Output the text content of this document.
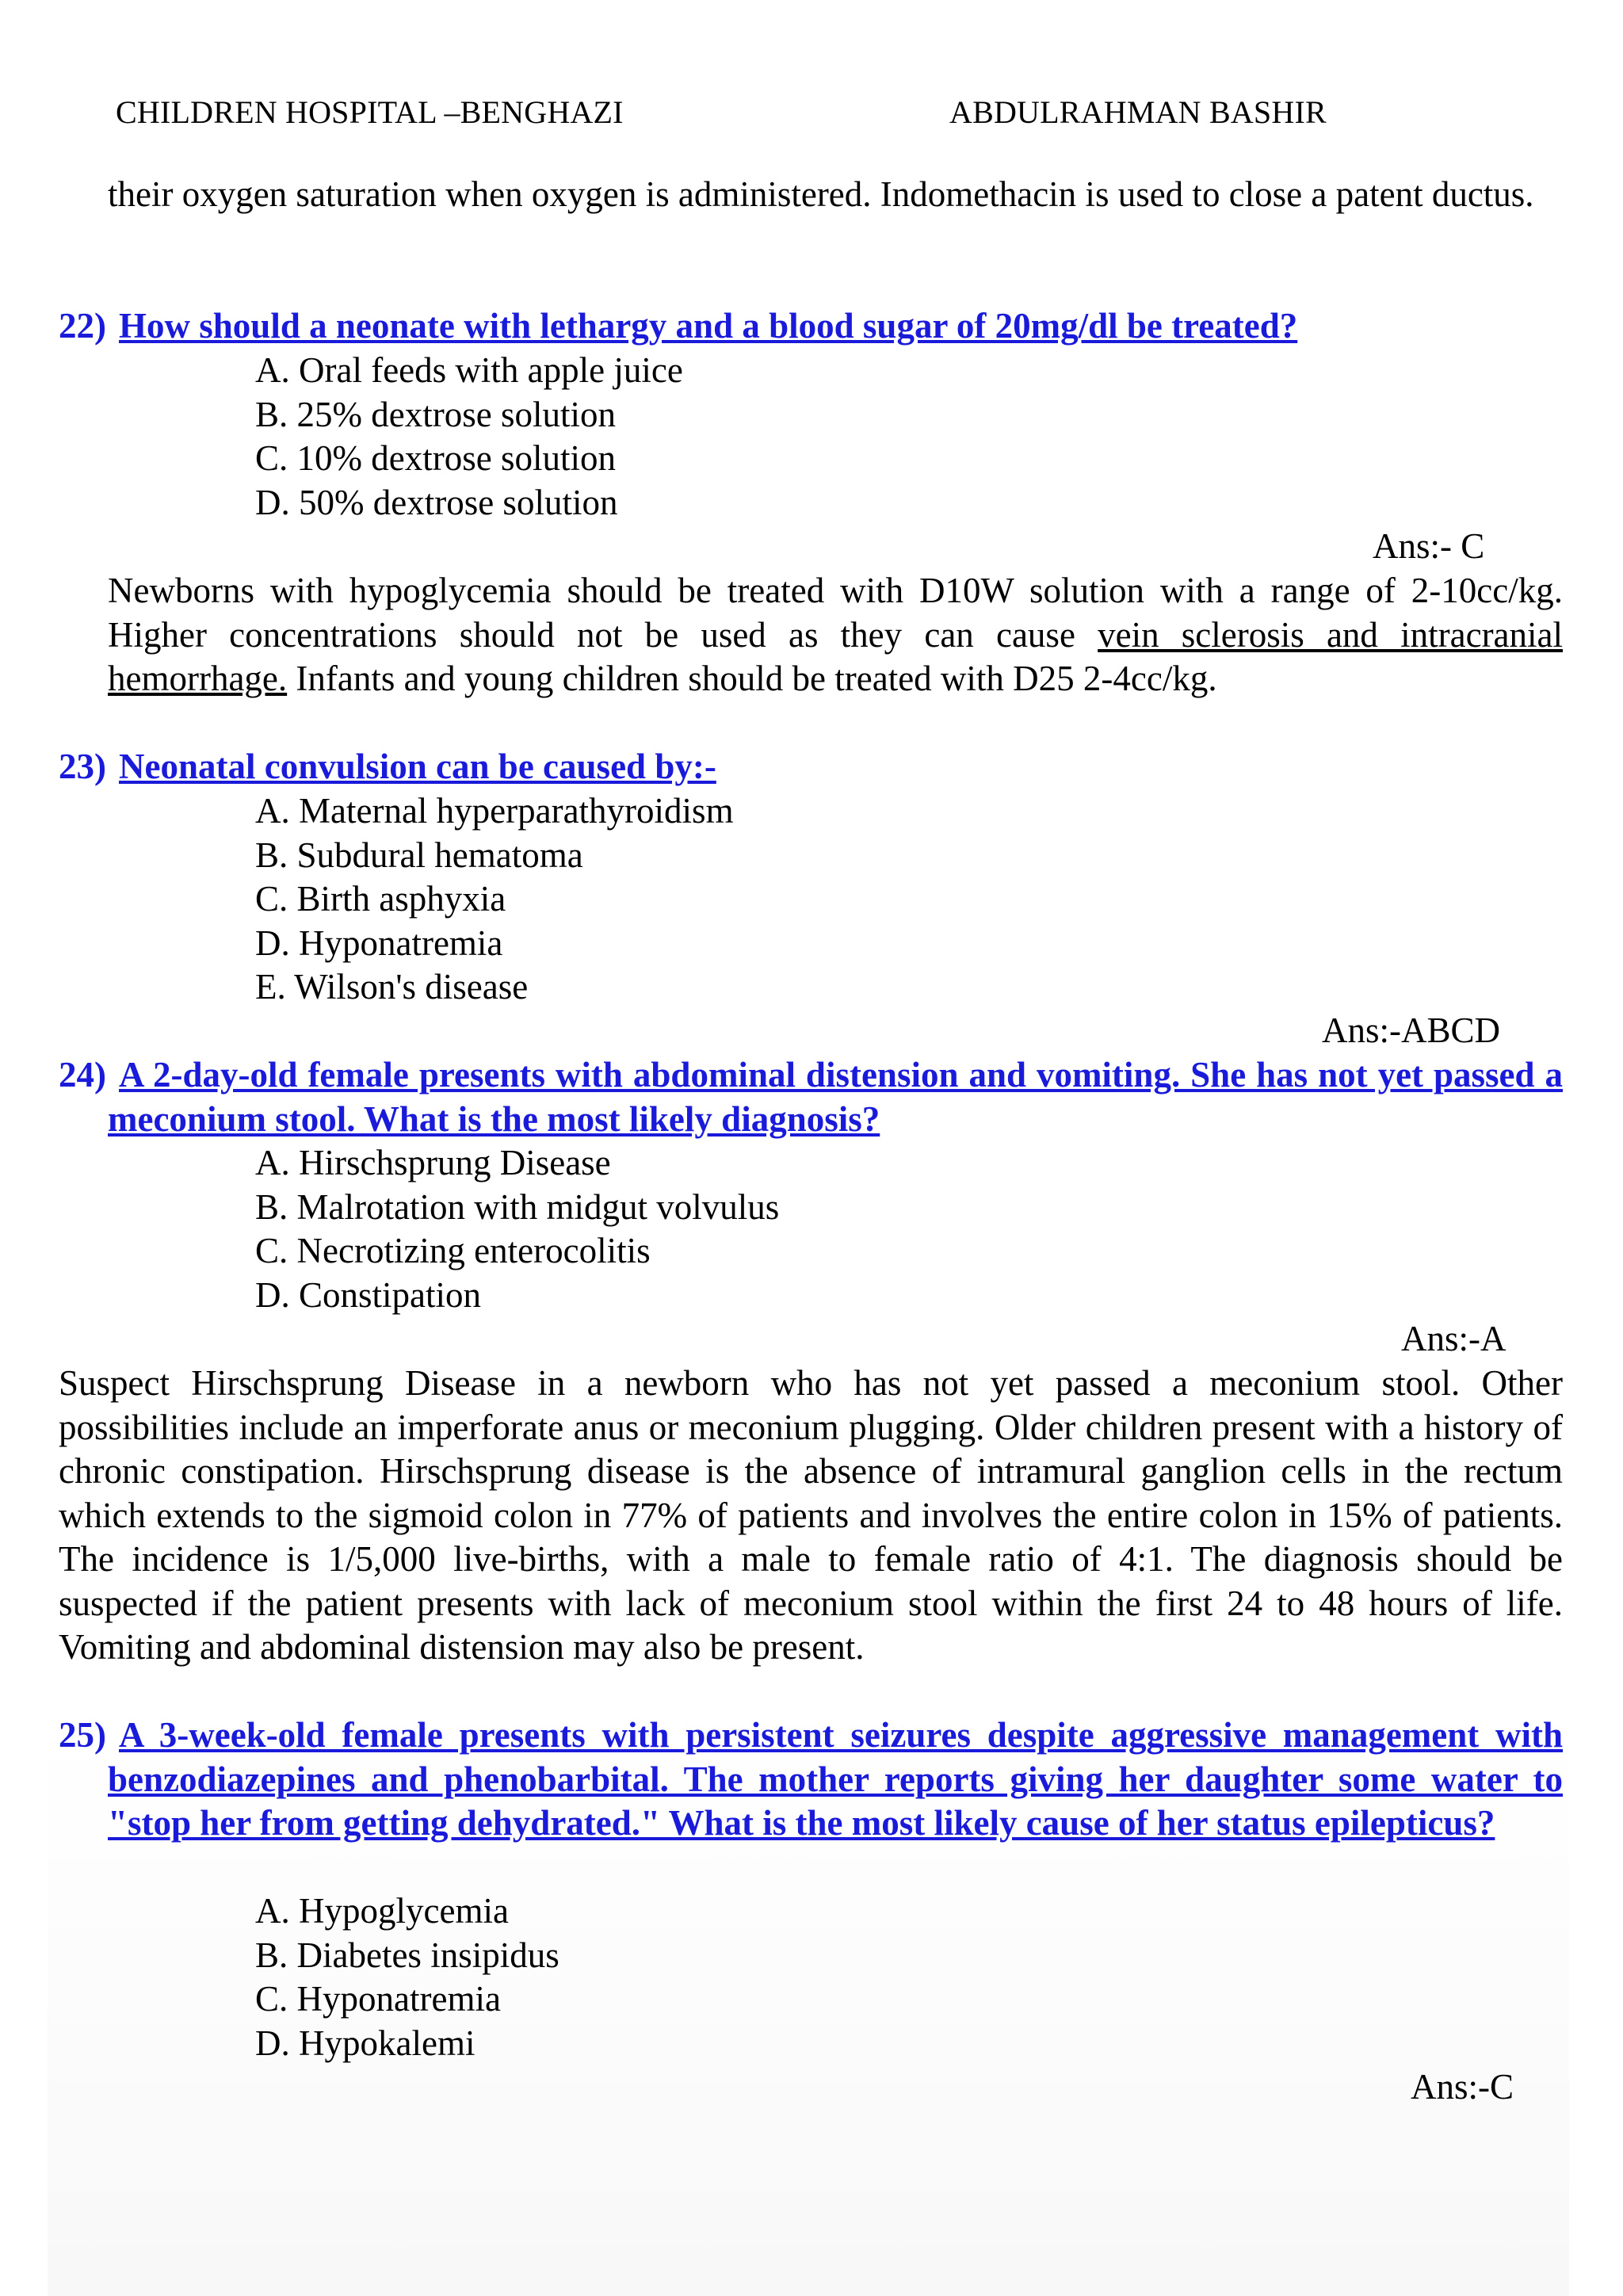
CHILDREN HOSPITAL –BENGHAZI	ABDULRAHMAN BASHIR
their oxygen saturation when oxygen is administered. Indomethacin is used to close a patent ductus.
22) How should a neonate with lethargy and a blood sugar of 20mg/dl be treated?
A. Oral feeds with apple juice
B. 25% dextrose solution
C. 10% dextrose solution
D. 50% dextrose solution
Ans:- C
Newborns with hypoglycemia should be treated with D10W solution with a range of 2-10cc/kg. Higher concentrations should not be used as they can cause vein sclerosis and intracranial hemorrhage. Infants and young children should be treated with D25 2-4cc/kg.
23) Neonatal convulsion can be caused by:-
A. Maternal hyperparathyroidism
B. Subdural hematoma
C. Birth asphyxia
D. Hyponatremia
E. Wilson's disease
Ans:-ABCD
24) A 2-day-old female presents with abdominal distension and vomiting. She has not yet passed a meconium stool. What is the most likely diagnosis?
A. Hirschsprung Disease
B. Malrotation with midgut volvulus
C. Necrotizing enterocolitis
D. Constipation
Ans:-A
Suspect Hirschsprung Disease in a newborn who has not yet passed a meconium stool. Other possibilities include an imperforate anus or meconium plugging. Older children present with a history of chronic constipation. Hirschsprung disease is the absence of intramural ganglion cells in the rectum which extends to the sigmoid colon in 77% of patients and involves the entire colon in 15% of patients. The incidence is 1/5,000 live-births, with a male to female ratio of 4:1. The diagnosis should be suspected if the patient presents with lack of meconium stool within the first 24 to 48 hours of life. Vomiting and abdominal distension may also be present.
25) A 3-week-old female presents with persistent seizures despite aggressive management with benzodiazepines and phenobarbital. The mother reports giving her daughter some water to "stop her from getting dehydrated." What is the most likely cause of her status epilepticus?
A. Hypoglycemia
B. Diabetes insipidus
C. Hyponatremia
D. Hypokalemi
Ans:-C
